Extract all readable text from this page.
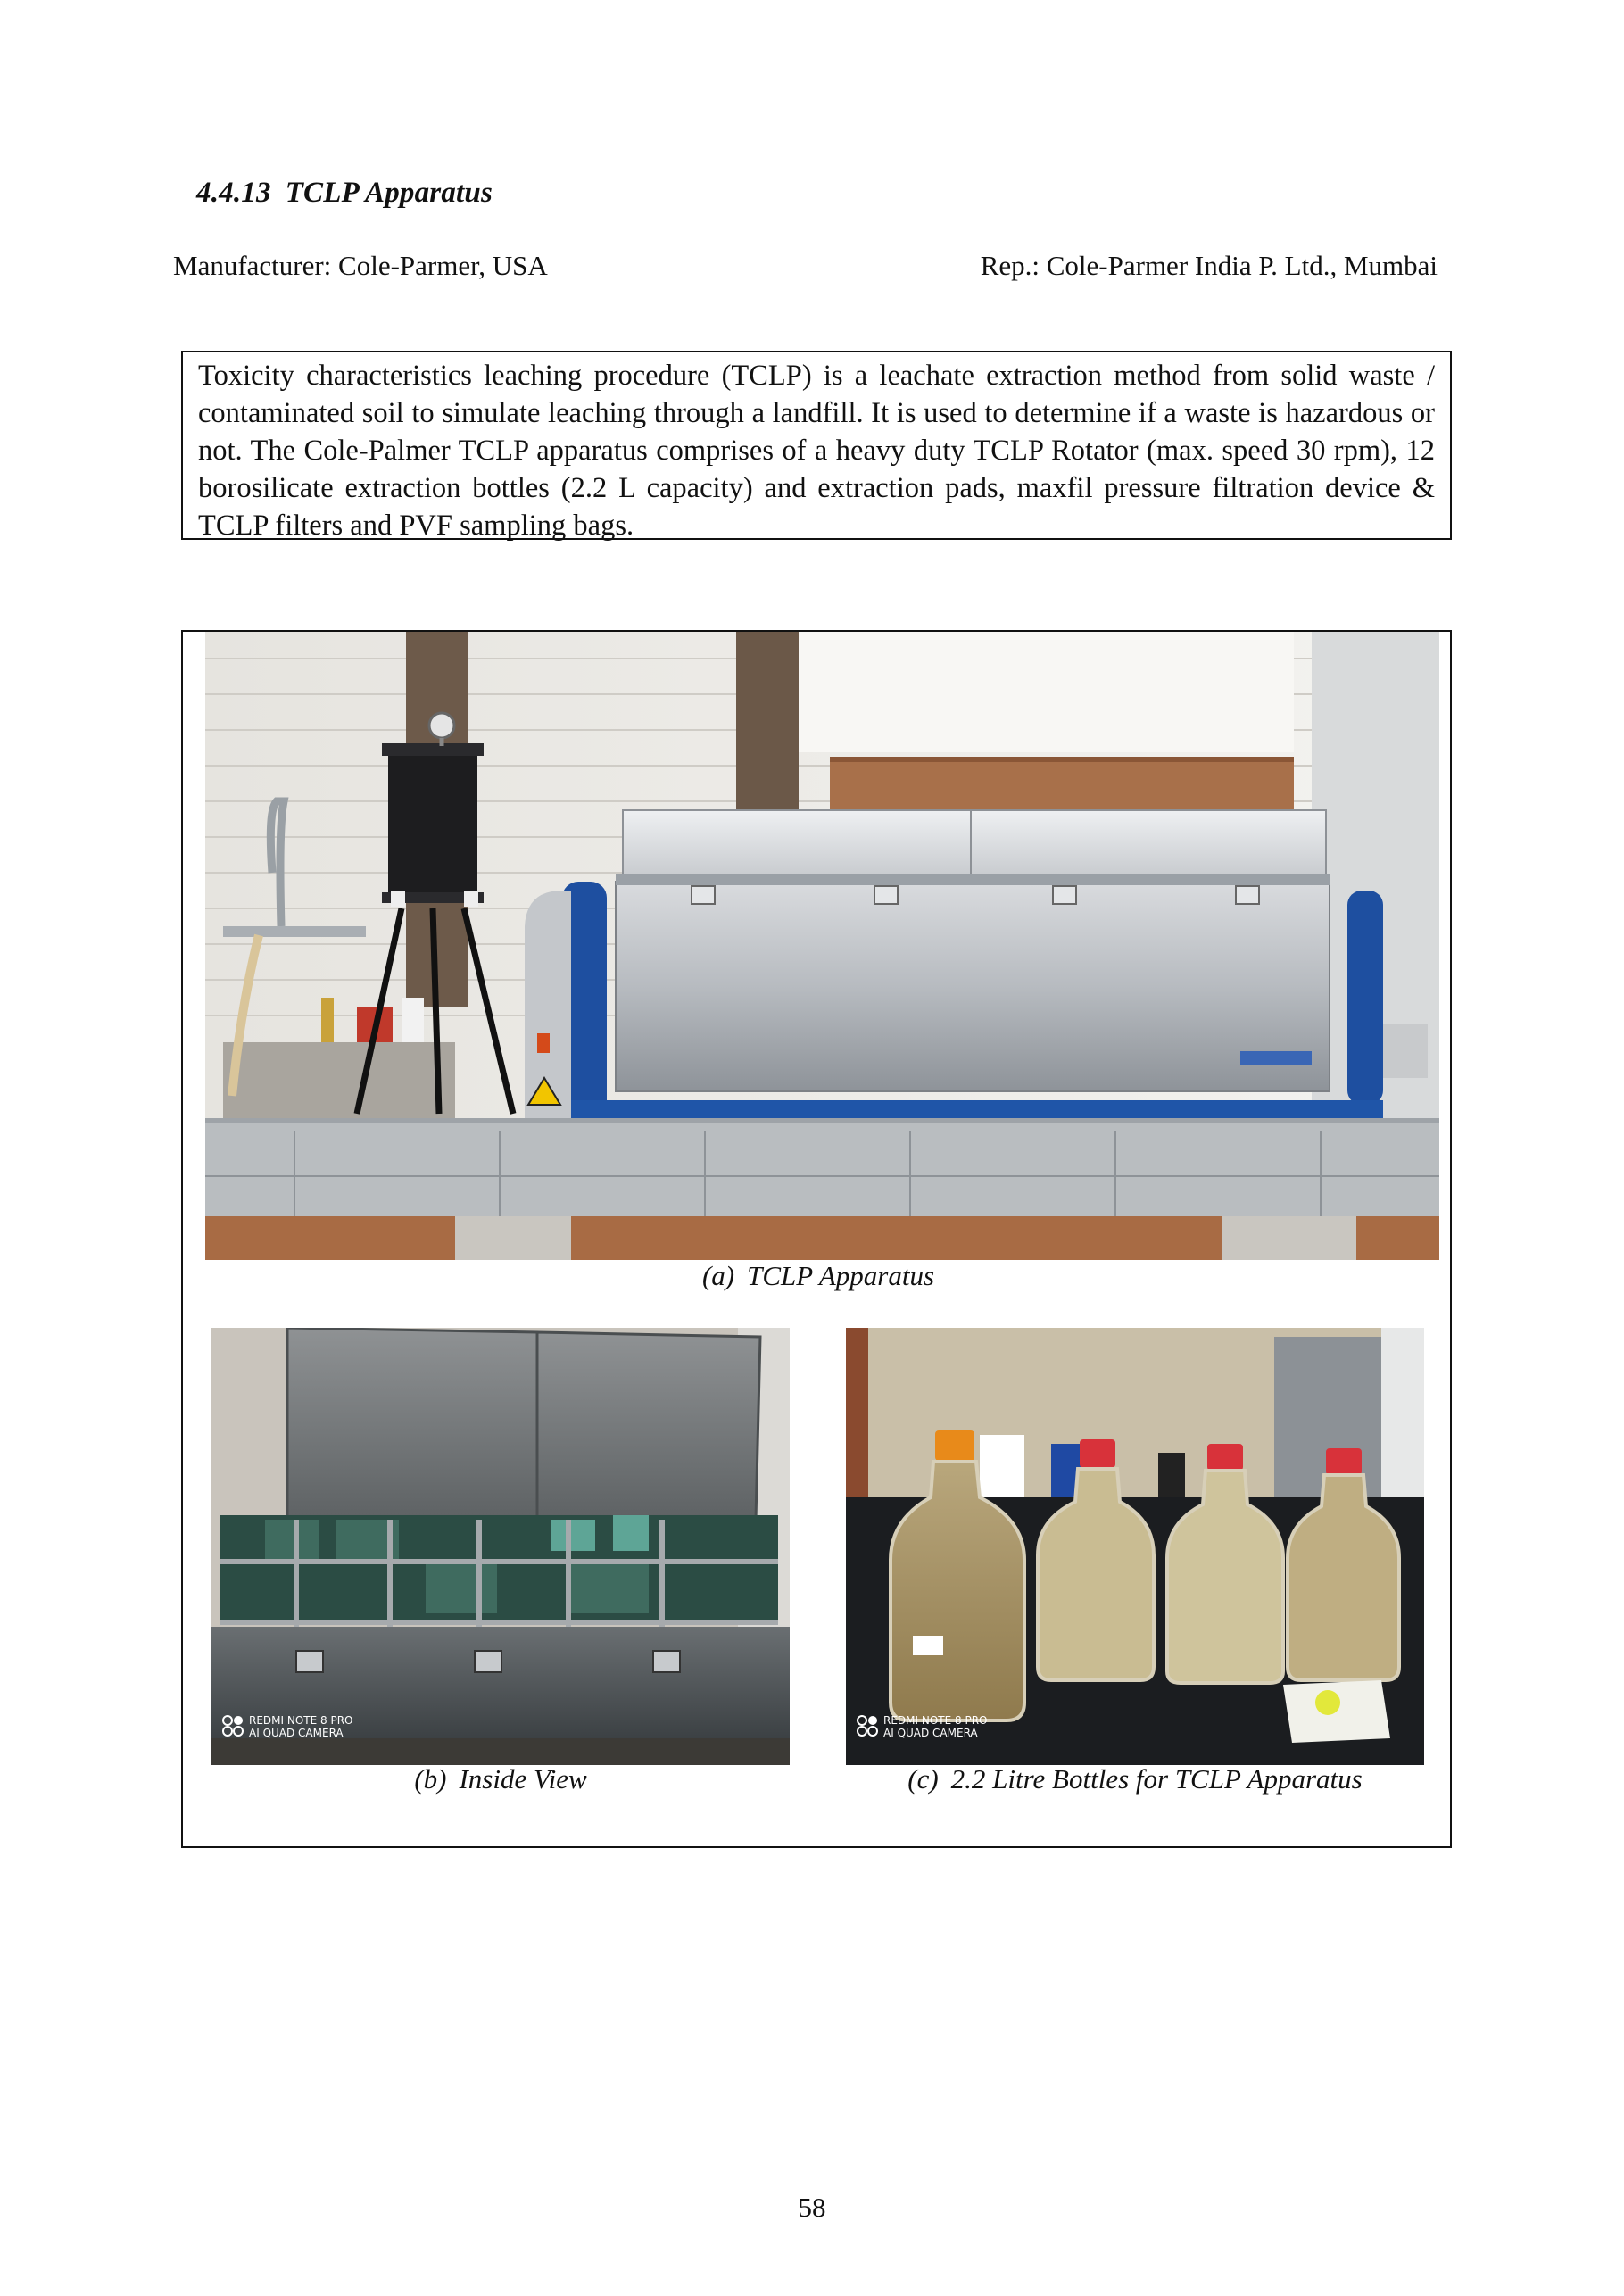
4.4.13 TCLP Apparatus
Manufacturer: Cole-Parmer, USA	Rep.: Cole-Parmer India P. Ltd., Mumbai
Toxicity characteristics leaching procedure (TCLP) is a leachate extraction method from solid waste / contaminated soil to simulate leaching through a landfill. It is used to determine if a waste is hazardous or not. The Cole-Palmer TCLP apparatus comprises of a heavy duty TCLP Rotator (max. speed 30 rpm), 12 borosilicate extraction bottles (2.2 L capacity) and extraction pads, maxfil pressure filtration device & TCLP filters and PVF sampling bags.
(a) TCLP Apparatus
REDMI NOTE 8 PRO
AI QUAD CAMERA
(b) Inside View
REDMI NOTE 8 PRO
AI QUAD CAMERA
(c) 2.2 Litre Bottles for TCLP Apparatus
58
